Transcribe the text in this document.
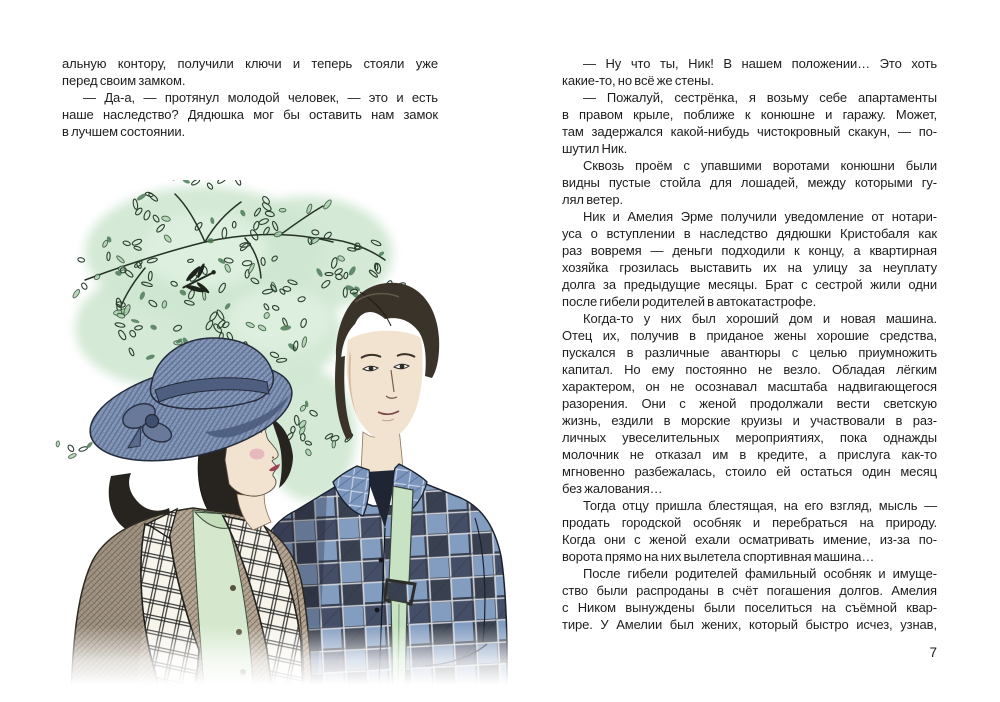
альную контору, получили ключи и теперь стояли уже
перед своим замком.
— Да-а, — протянул молодой человек, — это и есть
наше наследство? Дядюшка мог бы оставить нам замок
в лучшем состоянии.
— Ну что ты, Ник! В нашем положении… Это хоть
какие-то, но всё же стены.
— Пожалуй, сестрёнка, я возьму себе апартаменты
в правом крыле, поближе к конюшне и гаражу. Может,
там задержался какой-нибудь чистокровный скакун, — по-
шутил Ник.
Сквозь проём с упавшими воротами конюшни были
видны пустые стойла для лошадей, между которыми гу-
лял ветер.
Ник и Амелия Эрме получили уведомление от нотари-
уса о вступлении в наследство дядюшки Кристобаля как
раз вовремя — деньги подходили к концу, а квартирная
хозяйка грозилась выставить их на улицу за неуплату
долга за предыдущие месяцы. Брат с сестрой жили одни
после гибели родителей в автокатастрофе.
Когда-то у них был хороший дом и новая машина.
Отец их, получив в приданое жены хорошие средства,
пускался в различные авантюры с целью приумножить
капитал. Но ему постоянно не везло. Обладая лёгким
характером, он не осознавал масштаба надвигающегося
разорения. Они с женой продолжали вести светскую
жизнь, ездили в морские круизы и участвовали в раз-
личных увеселительных мероприятиях, пока однажды
молочник не отказал им в кредите, а прислуга как-то
мгновенно разбежалась, стоило ей остаться один месяц
без жалования…
Тогда отцу пришла блестящая, на его взгляд, мысль —
продать городской особняк и перебраться на природу.
Когда они с женой ехали осматривать имение, из-за по-
ворота прямо на них вылетела спортивная машина…
После гибели родителей фамильный особняк и имуще-
ство были распроданы в счёт погашения долгов. Амелия
с Ником вынуждены были поселиться на съёмной квар-
тире. У Амелии был жених, который быстро исчез, узнав,
7
